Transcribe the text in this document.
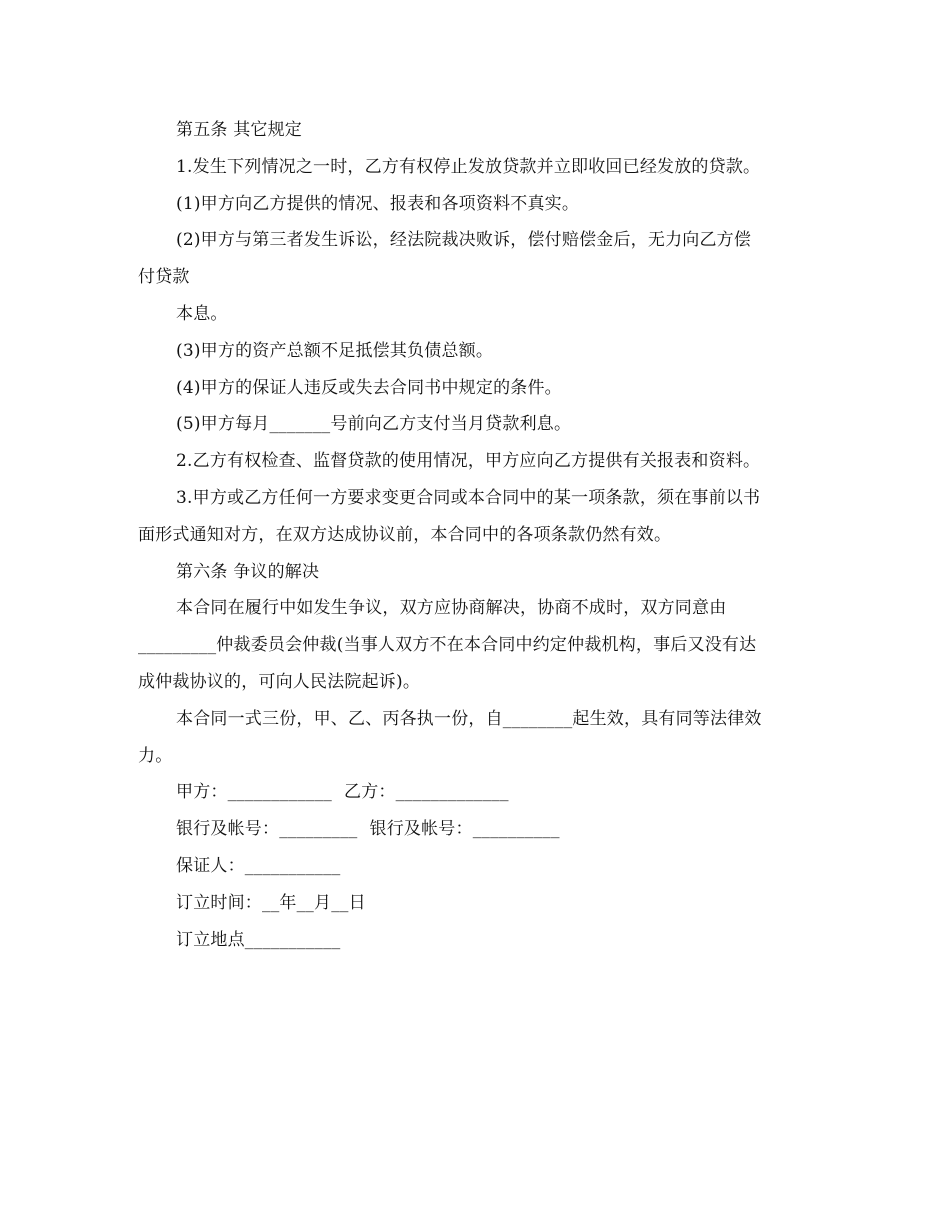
第五条 其它规定
1.发生下列情况之一时，乙方有权停止发放贷款并立即收回已经发放的贷款。
(1)甲方向乙方提供的情况、报表和各项资料不真实。
(2)甲方与第三者发生诉讼，经法院裁决败诉，偿付赔偿金后，无力向乙方偿
付贷款
本息。
(3)甲方的资产总额不足抵偿其负债总额。
(4)甲方的保证人违反或失去合同书中规定的条件。
(5)甲方每月_______号前向乙方支付当月贷款利息。
2.乙方有权检查、监督贷款的使用情况，甲方应向乙方提供有关报表和资料。
3.甲方或乙方任何一方要求变更合同或本合同中的某一项条款，须在事前以书
面形式通知对方，在双方达成协议前，本合同中的各项条款仍然有效。
第六条 争议的解决
本合同在履行中如发生争议，双方应协商解决，协商不成时，双方同意由
_________仲裁委员会仲裁(当事人双方不在本合同中约定仲裁机构，事后又没有达
成仲裁协议的，可向人民法院起诉)。
本合同一式三份，甲、乙、丙各执一份，自________起生效，具有同等法律效
力。
甲方：____________ 乙方：_____________
银行及帐号：_________ 银行及帐号：__________
保证人：___________
订立时间：__年__月__日
订立地点___________
